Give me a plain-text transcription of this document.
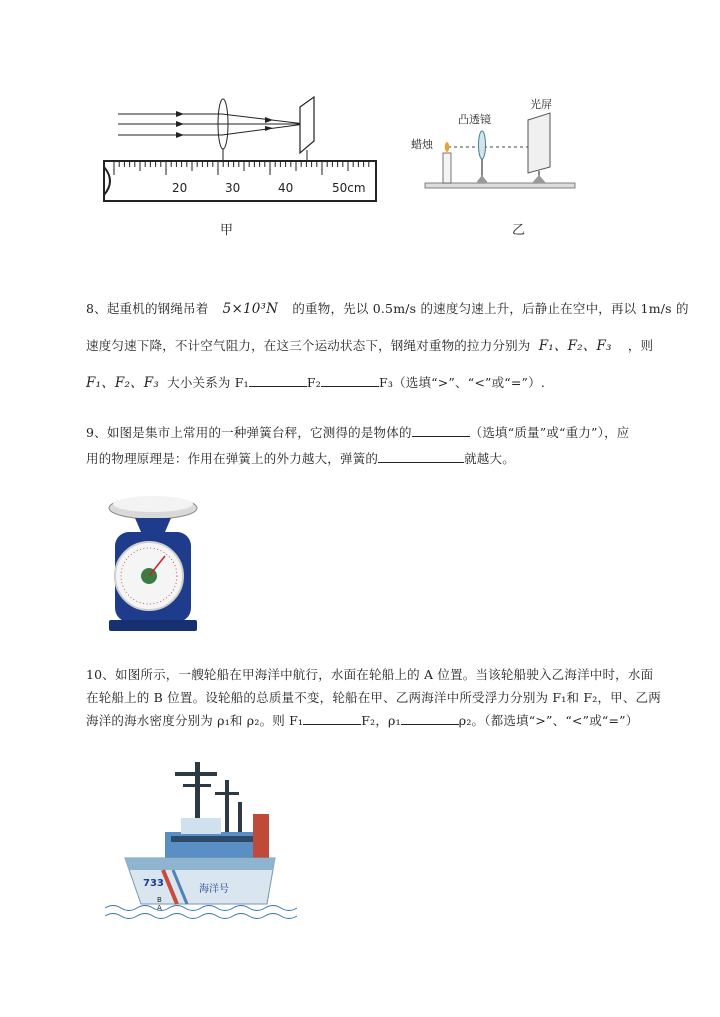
20	30	40	50cm
甲
凸透镜
光屏
蜡烛
乙
8、起重机的钢绳吊着 5×10³N 的重物，先以 0.5m/s 的速度匀速上升，后静止在空中，再以 1m/s 的
速度匀速下降，不计空气阻力，在这三个运动状态下，钢绳对重物的拉力分别为 F₁、F₂、F₃ ，则
F₁、F₂、F₃ 大小关系为 F₁	F₂	F₃（选填“>”、“<”或“=”）.
9、如图是集市上常用的一种弹簧台秤，它测得的是物体的	（选填“质量”或“重力”），应
用的物理原理是：作用在弹簧上的外力越大，弹簧的	就越大。
10、如图所示，一艘轮船在甲海洋中航行，水面在轮船上的 A 位置。当该轮船驶入乙海洋中时，水面
在轮船上的 B 位置。设轮船的总质量不变，轮船在甲、乙两海洋中所受浮力分别为 F₁和 F₂，甲、乙两
海洋的海水密度分别为 ρ₁和 ρ₂。则 F₁	F₂，ρ₁	ρ₂。（都选填“>”、“<”或“=”）
733
海洋号
B
A
